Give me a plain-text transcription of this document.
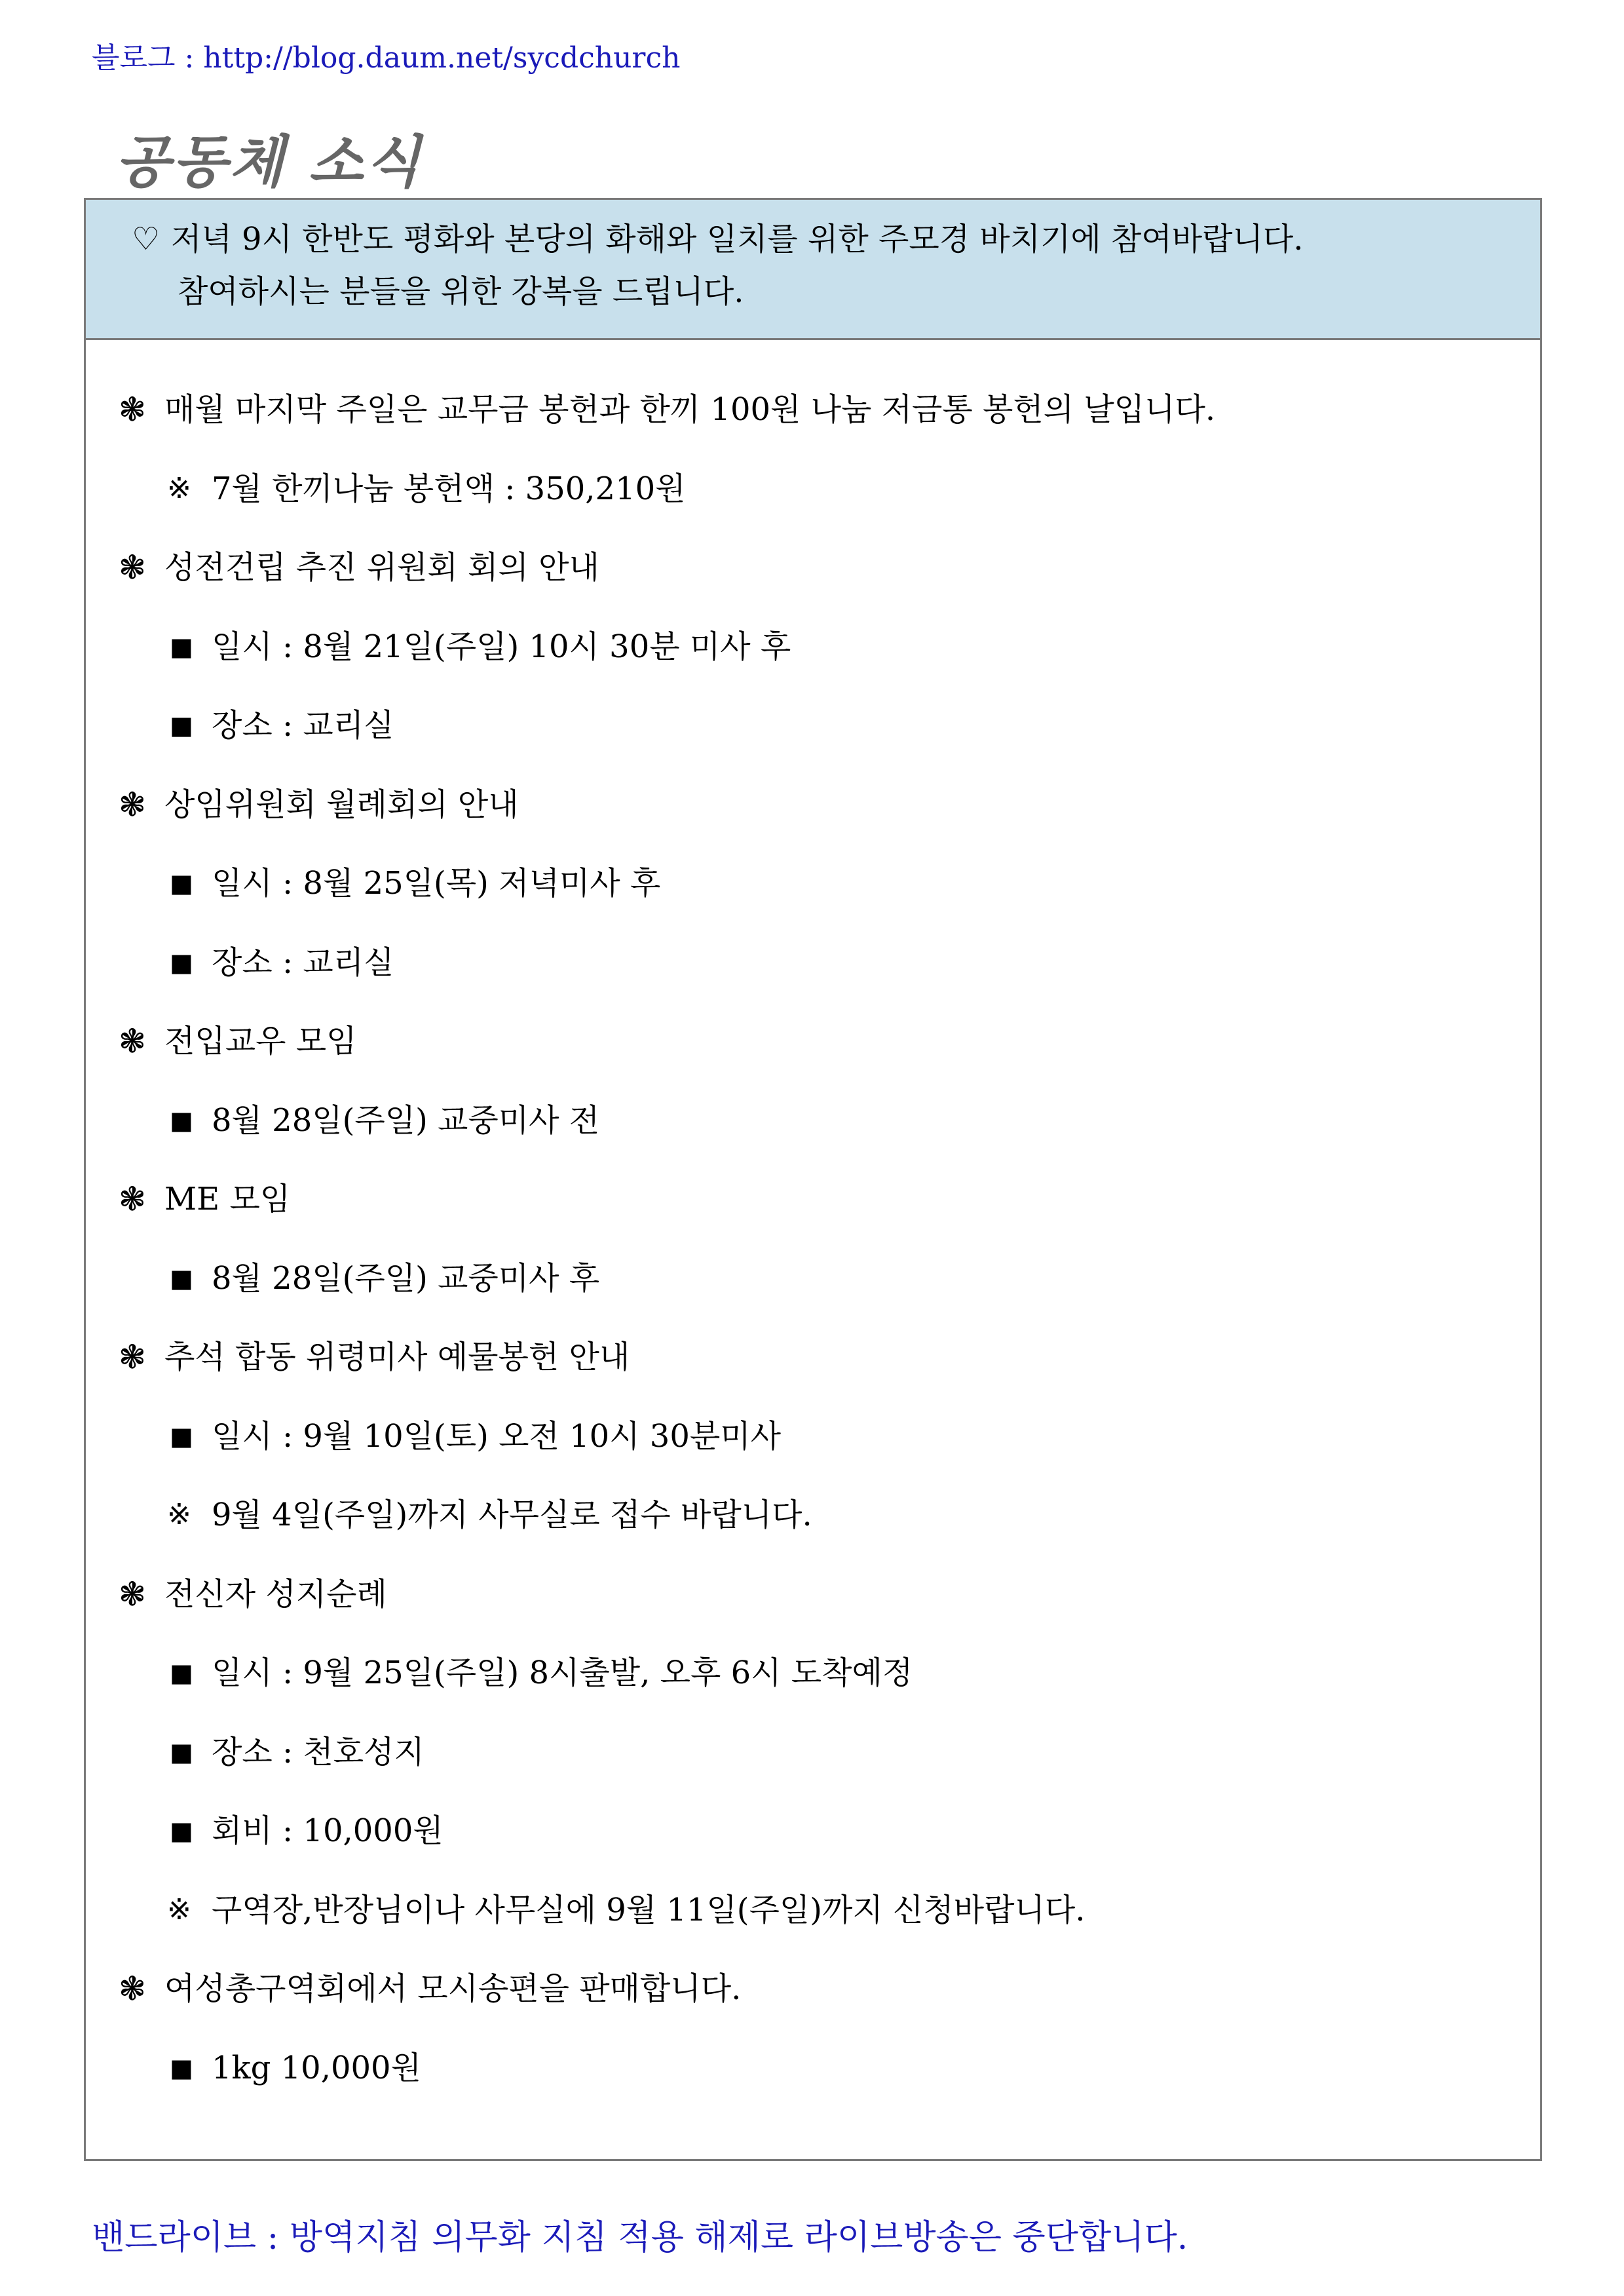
블로그 : http://blog.daum.net/sycdchurch
공동체 소식
♡ 저녁 9시 한반도 평화와 본당의 화해와 일치를 위한 주모경 바치기에 참여바랍니다.
참여하시는 분들을 위한 강복을 드립니다.
❃ 매월 마지막 주일은 교무금 봉헌과 한끼 100원 나눔 저금통 봉헌의 날입니다.
※ 7월 한끼나눔 봉헌액 : 350,210원
❃ 성전건립 추진 위원회 회의 안내
■ 일시 : 8월 21일(주일) 10시 30분 미사 후
■ 장소 : 교리실
❃ 상임위원회 월례회의 안내
■ 일시 : 8월 25일(목) 저녁미사 후
■ 장소 : 교리실
❃ 전입교우 모임
■ 8월 28일(주일) 교중미사 전
❃ ME 모임
■ 8월 28일(주일) 교중미사 후
❃ 추석 합동 위령미사 예물봉헌 안내
■ 일시 : 9월 10일(토) 오전 10시 30분미사
※ 9월 4일(주일)까지 사무실로 접수 바랍니다.
❃ 전신자 성지순례
■ 일시 : 9월 25일(주일) 8시출발, 오후 6시 도착예정
■ 장소 : 천호성지
■ 회비 : 10,000원
※ 구역장,반장님이나 사무실에 9월 11일(주일)까지 신청바랍니다.
❃ 여성총구역회에서 모시송편을 판매합니다.
■ 1kg 10,000원
밴드라이브 : 방역지침 의무화 지침 적용 해제로 라이브방송은 중단합니다.
